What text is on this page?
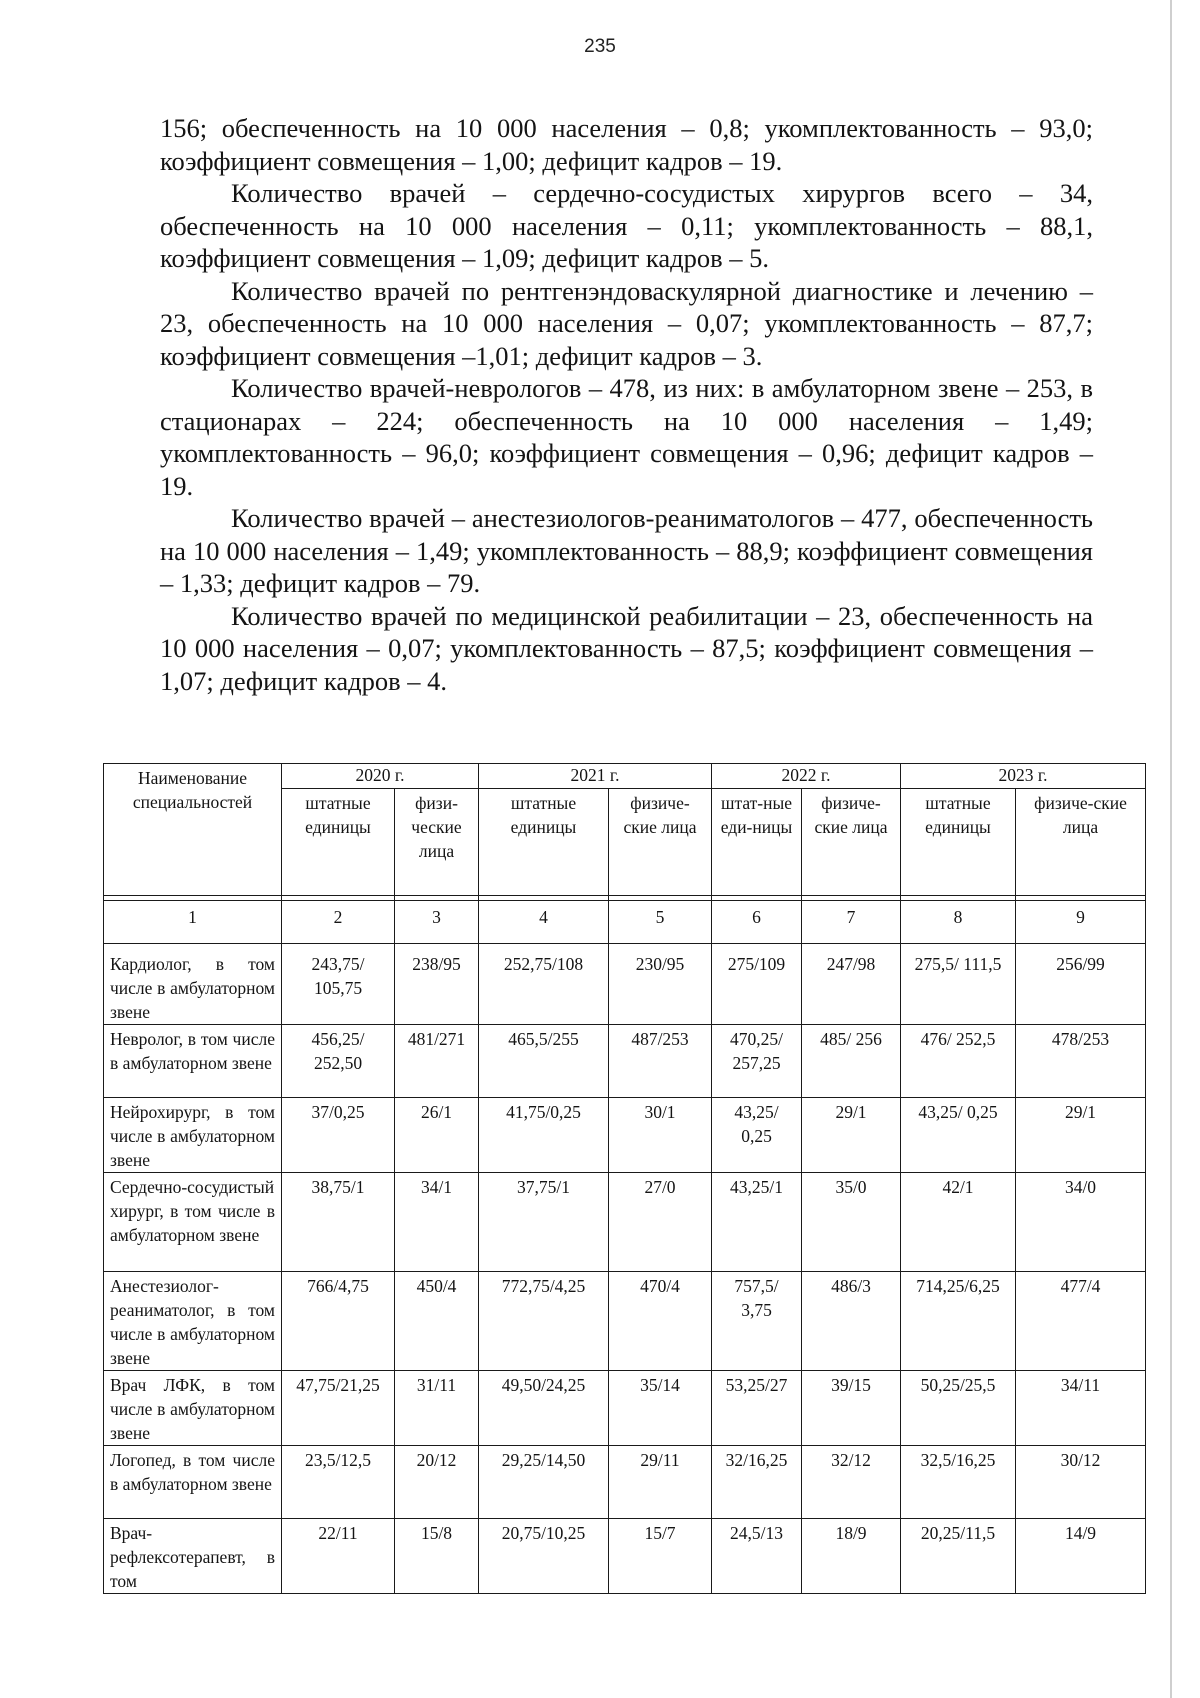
235

156; обеспеченность на 10 000 населения – 0,8; укомплектованность – 93,0; коэффициент совмещения – 1,00; дефицит кадров – 19.

Количество врачей – сердечно-сосудистых хирургов всего – 34, обеспеченность на 10 000 населения – 0,11; укомплектованность – 88,1, коэффициент совмещения – 1,09; дефицит кадров – 5.

Количество врачей по рентгенэндоваскулярной диагностике и лечению – 23, обеспеченность на 10 000 населения – 0,07; укомплектованность – 87,7; коэффициент совмещения –1,01; дефицит кадров – 3.

Количество врачей-неврологов – 478, из них: в амбулаторном звене – 253, в стационарах – 224; обеспеченность на 10 000 населения – 1,49; укомплектованность – 96,0; коэффициент совмещения – 0,96; дефицит кадров – 19.

Количество врачей – анестезиологов-реаниматологов – 477, обеспеченность на 10 000 населения – 1,49; укомплектованность – 88,9; коэффициент совмещения – 1,33; дефицит кадров – 79.

Количество врачей по медицинской реабилитации – 23, обеспеченность на 10 000 населения – 0,07; укомплектованность – 87,5; коэффициент совмещения –1,07; дефицит кадров – 4.

Наименование специальностей	2020 г.		2021 г.		2022 г.		2023 г.	
	штатные единицы	физи-ческие лица	штатные единицы	физиче-ские лица	штат-ные еди-ницы	физиче-ские лица	штатные единицы	физиче-ские лица

1	2	3	4	5	6	7	8	9
Кардиолог, в том числе в амбулаторном звене	243,75/ 105,75	238/95	252,75/108	230/95	275/109	247/98	275,5/ 111,5	256/99
Невролог, в том числе в амбулаторном звене	456,25/ 252,50	481/271	465,5/255	487/253	470,25/ 257,25	485/ 256	476/ 252,5	478/253
Нейрохирург, в том числе в амбулаторном звене	37/0,25	26/1	41,75/0,25	30/1	43,25/ 0,25	29/1	43,25/ 0,25	29/1
Сердечно-сосудистый хирург, в том числе в амбулаторном звене	38,75/1	34/1	37,75/1	27/0	43,25/1	35/0	42/1	34/0
Анестезиолог-реаниматолог, в том числе в амбулаторном звене	766/4,75	450/4	772,75/4,25	470/4	757,5/ 3,75	486/3	714,25/6,25	477/4
Врач ЛФК, в том числе в амбулаторном звене	47,75/21,25	31/11	49,50/24,25	35/14	53,25/27	39/15	50,25/25,5	34/11
Логопед, в том числе в амбулаторном звене	23,5/12,5	20/12	29,25/14,50	29/11	32/16,25	32/12	32,5/16,25	30/12
Врач-рефлексотерапевт, в том	22/11	15/8	20,75/10,25	15/7	24,5/13	18/9	20,25/11,5	14/9
